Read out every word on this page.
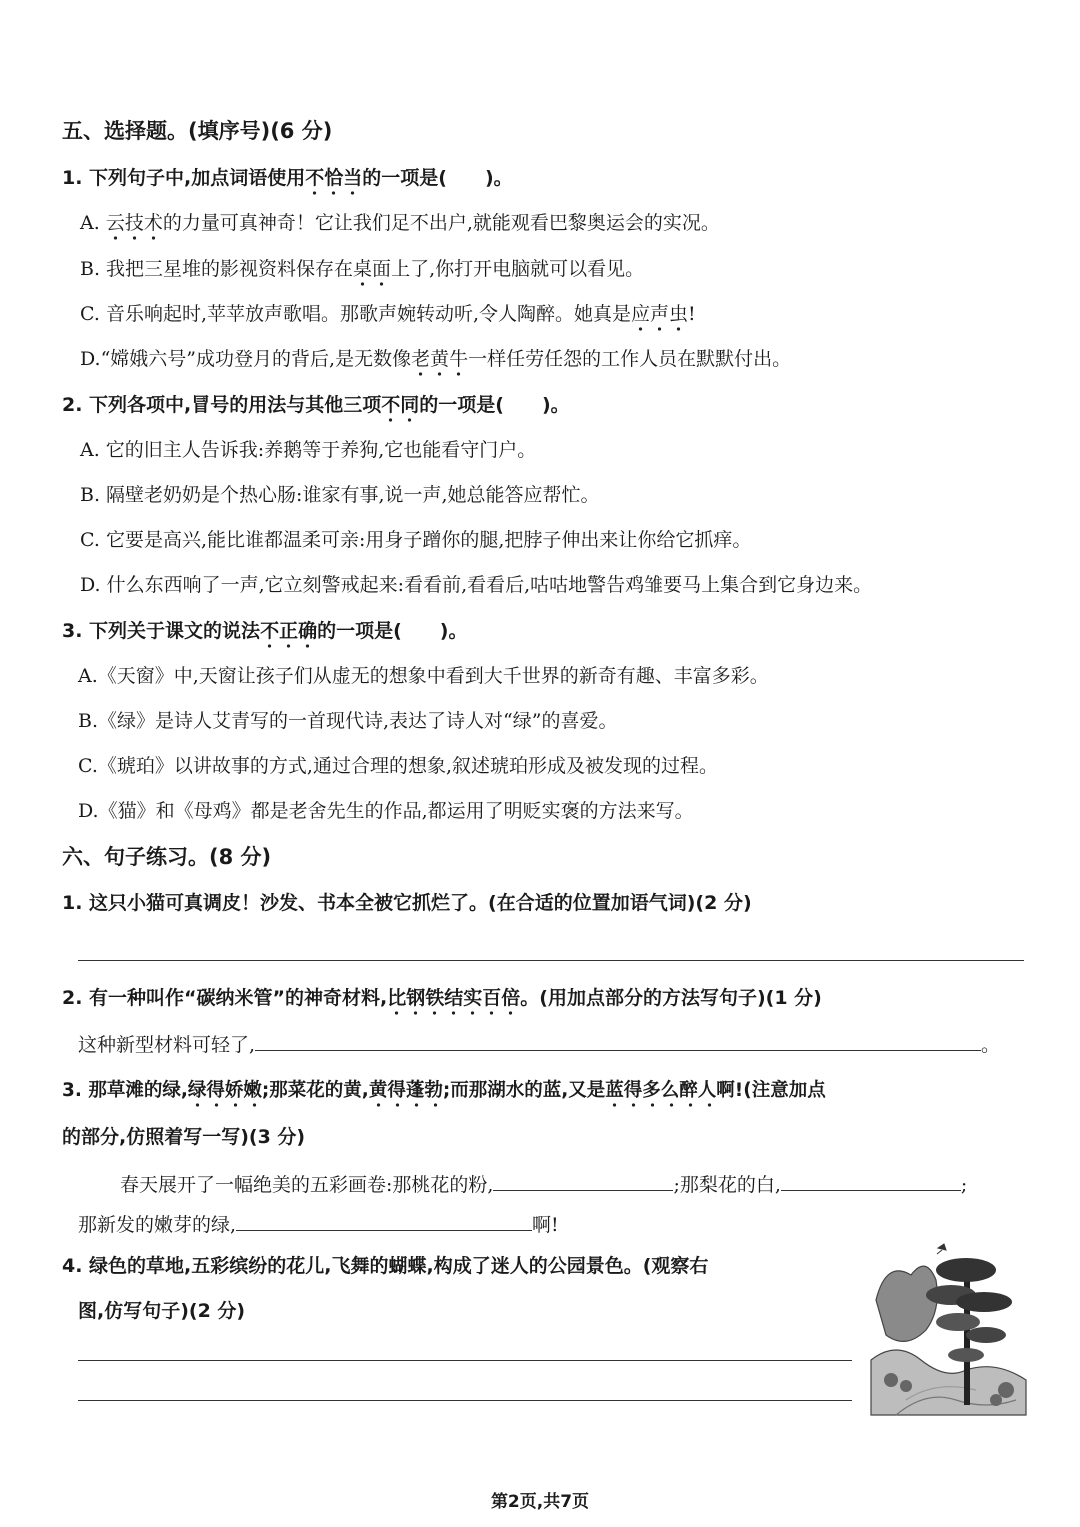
五、选择题。(填序号)(6 分)
1. 下列句子中,加点词语使用不恰当的一项是(　　)。
A. 云技术的力量可真神奇！它让我们足不出户,就能观看巴黎奥运会的实况。
B. 我把三星堆的影视资料保存在桌面上了,你打开电脑就可以看见。
C. 音乐响起时,苹苹放声歌唱。那歌声婉转动听,令人陶醉。她真是应声虫!
D.“嫦娥六号”成功登月的背后,是无数像老黄牛一样任劳任怨的工作人员在默默付出。
2. 下列各项中,冒号的用法与其他三项不同的一项是(　　)。
A. 它的旧主人告诉我:养鹅等于养狗,它也能看守门户。
B. 隔壁老奶奶是个热心肠:谁家有事,说一声,她总能答应帮忙。
C. 它要是高兴,能比谁都温柔可亲:用身子蹭你的腿,把脖子伸出来让你给它抓痒。
D. 什么东西响了一声,它立刻警戒起来:看看前,看看后,咕咕地警告鸡雏要马上集合到它身边来。
3. 下列关于课文的说法不正确的一项是(　　)。
A.《天窗》中,天窗让孩子们从虚无的想象中看到大千世界的新奇有趣、丰富多彩。
B.《绿》是诗人艾青写的一首现代诗,表达了诗人对“绿”的喜爱。
C.《琥珀》以讲故事的方式,通过合理的想象,叙述琥珀形成及被发现的过程。
D.《猫》和《母鸡》都是老舍先生的作品,都运用了明贬实褒的方法来写。
六、句子练习。(8 分)
1. 这只小猫可真调皮！沙发、书本全被它抓烂了。(在合适的位置加语气词)(2 分)
2. 有一种叫作“碳纳米管”的神奇材料,比钢铁结实百倍。(用加点部分的方法写句子)(1 分)
这种新型材料可轻了,	。
3. 那草滩的绿,绿得娇嫩;那菜花的黄,黄得蓬勃;而那湖水的蓝,又是蓝得多么醉人啊!(注意加点
的部分,仿照着写一写)(3 分)
春天展开了一幅绝美的五彩画卷:那桃花的粉,	;那梨花的白,	;
那新发的嫩芽的绿,	啊!
4. 绿色的草地,五彩缤纷的花儿,飞舞的蝴蝶,构成了迷人的公园景色。(观察右
图,仿写句子)(2 分)
第2页,共7页
